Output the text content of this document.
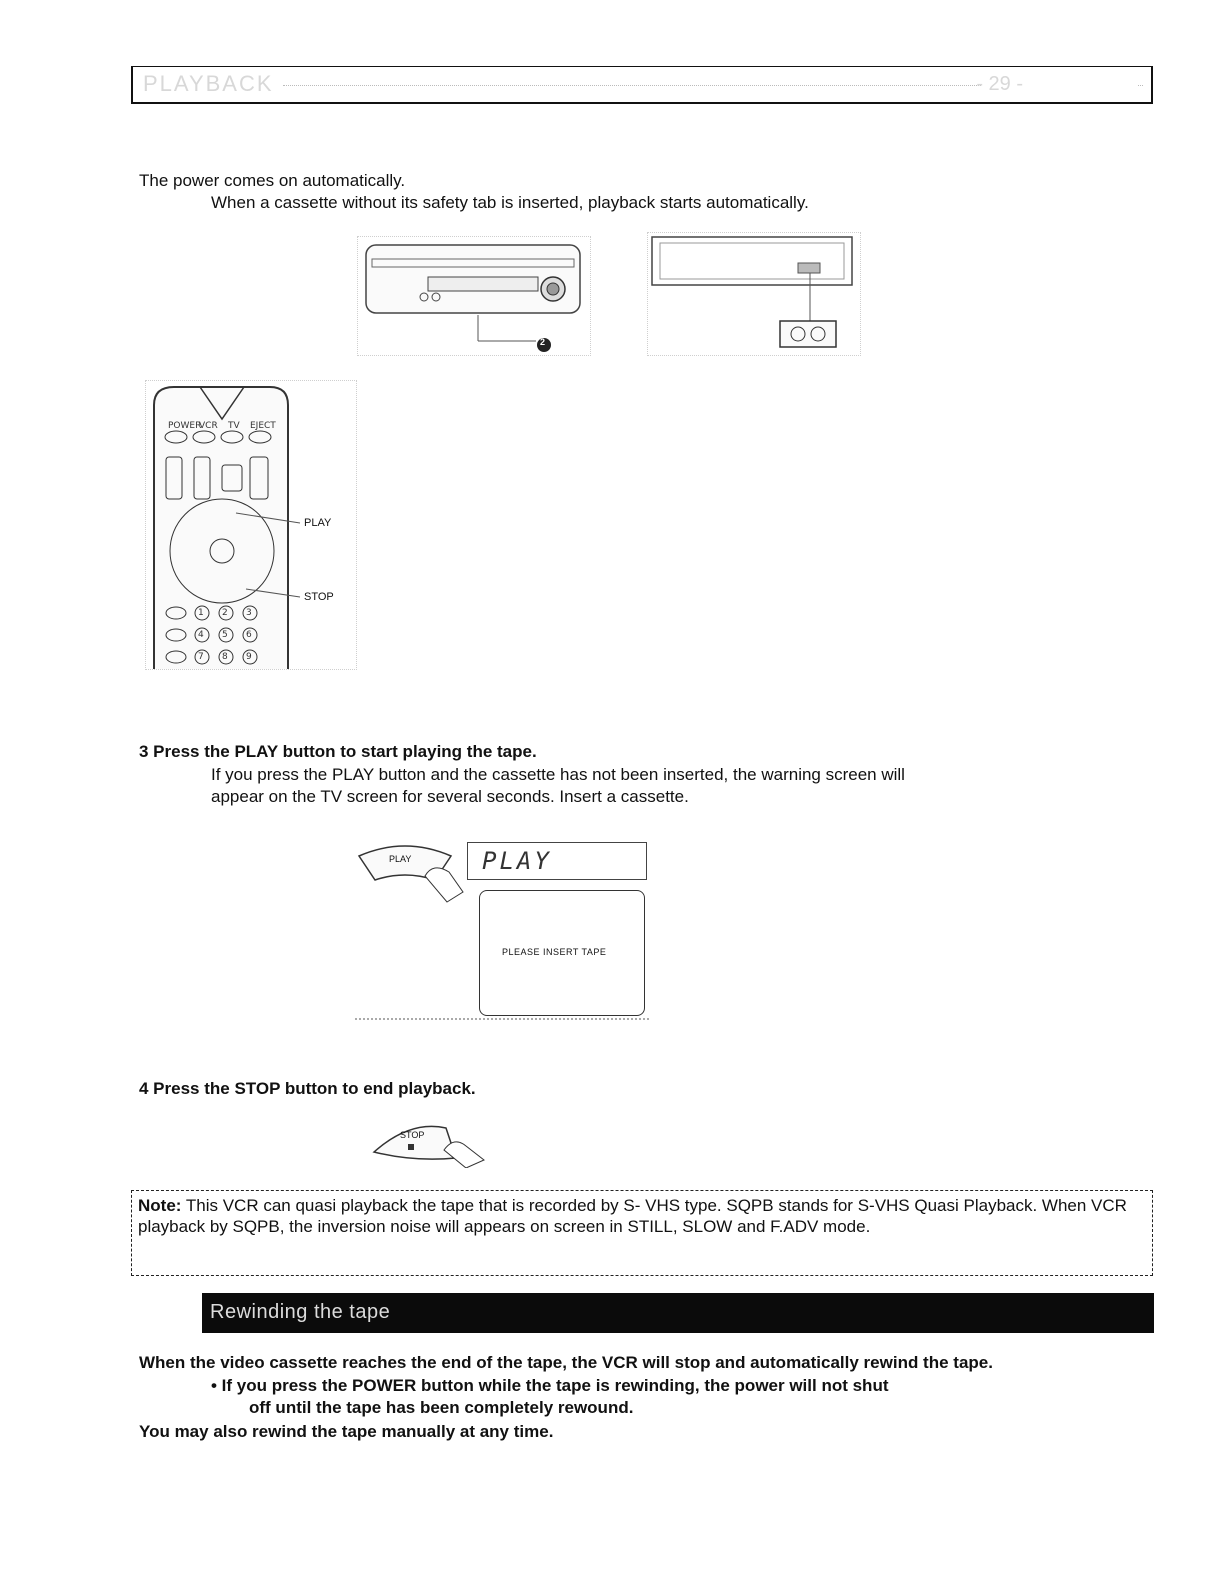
PLAYBACK	- 29 -
The power comes on automatically.
When a cassette without its safety tab is inserted, playback starts automatically.
2
POWER
VCR TV EJECT
PLAY
STOP
1 2 3
4 5 6
7 8 9
3 Press the PLAY button to start playing the tape.
If you press the PLAY button and the cassette has not been inserted, the warning screen will
appear on the TV screen for several seconds. Insert a cassette.
PLAY	PLAY
PLEASE INSERT TAPE
4 Press the STOP button to end playback.
STOP
Note: This VCR can quasi playback the tape that is recorded by S- VHS type. SQPB stands for S-VHS Quasi Playback. When VCR playback by SQPB, the inversion noise will appears on screen in STILL, SLOW and F.ADV mode.
Rewinding the tape
When the video cassette reaches the end of the tape, the VCR will stop and automatically rewind the tape.
• If you press the POWER button while the tape is rewinding, the power will not shut
off until the tape has been completely rewound.
You may also rewind the tape manually at any time.
